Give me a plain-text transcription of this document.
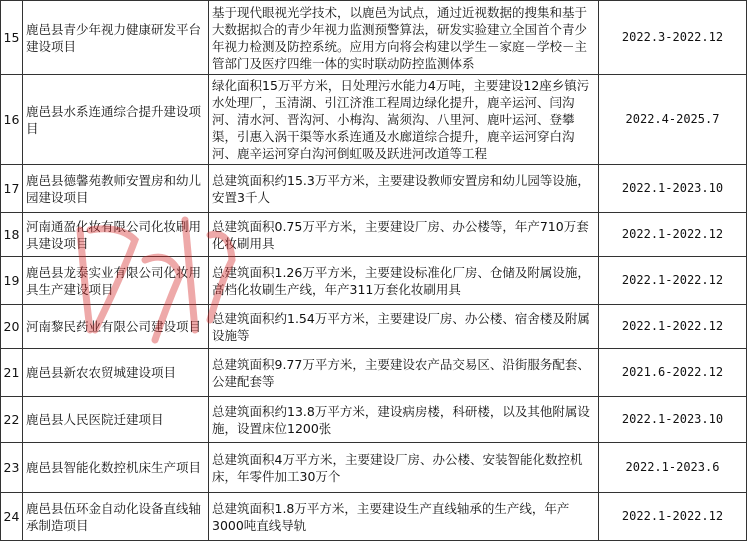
15	鹿邑县青少年视力健康研发平台建设项目	基于现代眼视光学技术，以鹿邑为试点，通过近视数据的搜集和基于大数据拟合的青少年视力监测预警算法，研发实验建立全国首个青少年视力检测及防控系统。应用方向将会构建以学生－家庭－学校－主管部门及医疗四维一体的实时联动防控监测体系	2022.3-2022.12
16	鹿邑县水系连通综合提升建设项目	绿化面积15万平方米，日处理污水能力4万吨，主要建设12座乡镇污水处理厂，玉清湖、引江济淮工程周边绿化提升，鹿辛运河、闫沟河、清水河、晋沟河、小梅沟、嵩须沟、八里河、鹿叶运河、登攀渠，引惠入涡干渠等水系连通及水廊道综合提升，鹿辛运河穿白沟河、鹿辛运河穿白沟河倒虹吸及跃进河改道等工程	2022.4-2025.7
17	鹿邑县德馨苑教师安置房和幼儿园建设项目	总建筑面积约15.3万平方米，主要建设教师安置房和幼儿园等设施，安置3千人	2022.1-2023.10
18	河南通盈化妆有限公司化妆刷用具建设项目	总建筑面积0.75万平方米，主要建设厂房、办公楼等，年产710万套化妆刷用具	2022.1-2022.12
19	鹿邑县龙泰实业有限公司化妆用具生产建设项目	总建筑面积1.26万平方米，主要建设标准化厂房、仓储及附属设施，高档化妆刷生产线，年产311万套化妆刷用具	2022.1-2022.12
20	河南黎民药业有限公司建设项目	总建筑面积约1.54万平方米，主要建设厂房、办公楼、宿舍楼及附属设施等	2022.1-2022.12
21	鹿邑县新农农贸城建设项目	总建筑面积9.77万平方米，主要建设农产品交易区、沿街服务配套、公建配套等	2021.6-2022.12
22	鹿邑县人民医院迁建项目	总建筑面积约13.8万平方米，建设病房楼，科研楼，以及其他附属设施，设置床位1200张	2022.1-2023.10
23	鹿邑县智能化数控机床生产项目	总建筑面积4万平方米，主要建设厂房、办公楼、安装智能化数控机床，年零件加工30万个	2022.1-2023.6
24	鹿邑县伍环金自动化设备直线轴承制造项目	总建筑面积1.8万平方米，主要建设生产直线轴承的生产线，年产3000吨直线导轨	2022.1-2022.12
